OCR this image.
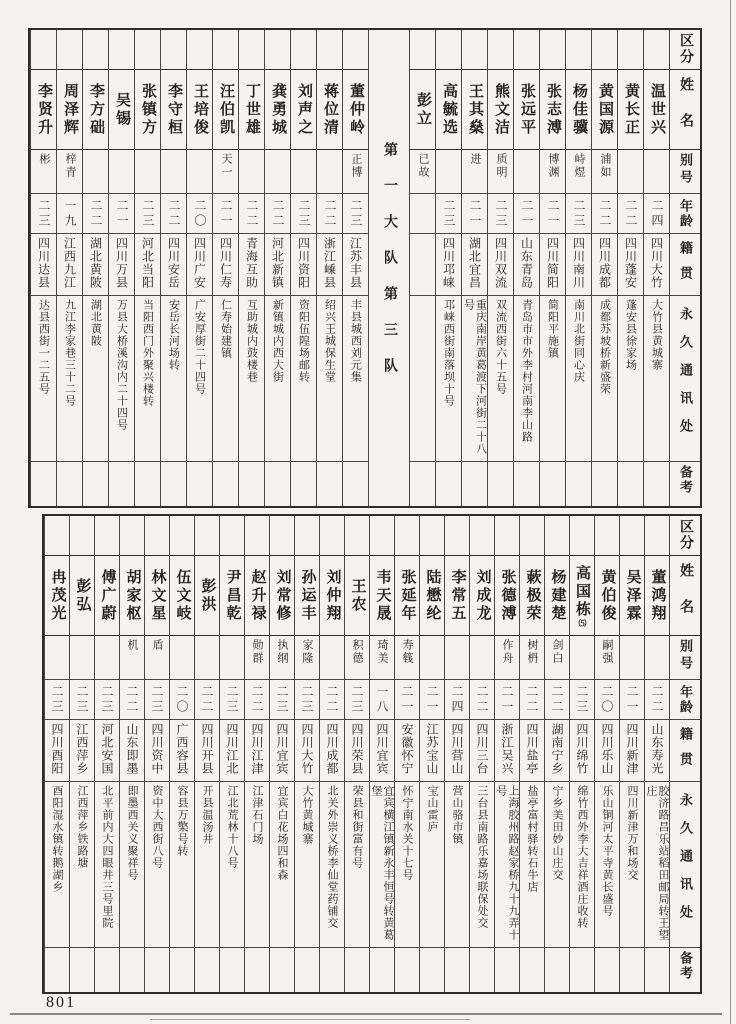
区分
姓名
别号
年龄
籍贯
永久通讯处
备考
温世兴
二四
四川大竹
大竹县黄城寨
黄长正
二二
四川蓬安
蓬安县徐家场
黄国源
浦如
二二
四川成都
成都苏坡桥新盛荣
杨佳骥
峙煜
二三
四川南川
南川北街同心庆
张志溥
博渊
二一
四川简阳
简阳平施镇
张远平
二一
山东青岛
青岛市市外李村河南李山路
熊文洁
质明
二三
四川双流
双流西街六十五号
王其燊
进
二一
湖北宜昌
重庆南岸黄葛渡下河街二十八号
高毓选
二三
四川邛崃
邛崃西街南落坝十号
彭立
已故
第一大队第三队
董仲岭
正博
二三
江苏丰县
丰县城西刘元集
蒋位清
二二
浙江嵊县
绍兴王城保生堂
刘声之
二三
四川资阳
资阳伍隍场邮转
龚勇城
二二
河北新镇
新镇城内西大街
丁世雄
二二
青海互助
互助城内鼓楼巷
汪伯凯
天一
二一
四川仁寿
仁寿始建镇
王培俊
二〇
四川广安
广安厚街二十四号
李守桓
二二
四川安岳
安岳长河场转
张镇方
二三
河北当阳
当阳西门外聚兴楼转
吴锡
二一
四川万县
万县大桥溪沟内二十四号
李方础
二二
湖北黄陂
湖北黄陂
周泽辉
梓青
一九
江西九江
九江李家巷三十二号
李贤升
彬
二三
四川达县
达县西街一二五号
区分
姓名
别号
年龄
籍贯
永久通讯处
备考
董鸿翔
二二
山东寿光
胶济路昌乐站稻田邮局转王望庄
吴泽霖
二一
四川新津
四川新津万和场交
黄伯俊
嗣强
二〇
四川乐山
乐山铜河太平寺黄长盛号
高国栋⑸
二三
四川绵竹
绵竹西外李大吉祥酒庄收转
杨建楚
剑白
二二
湖南宁乡
宁乡美田妙山庄交
蔌极荣
树枬
二二
四川盐亭
盐亭富村驿转石牛店
张德溥
作舟
二一
浙江吴兴
上海胶州路赵家桥九十九弄十号
刘成龙
二二
四川三台
三台县南路乐嘉场联保处交
李常五
二四
四川营山
营山骆市镇
陆懋纶
二一
江苏宝山
宝山雷庐
张延年
寿篯
二一
安徽怀宁
怀宁南水关十七号
韦天晟
琦美
一八
四川宜宾
宜宾横江镇新永丰恒号转黄葛堡
王农
积德
二三
四川荣县
荣县和街富有号
刘仲翔
二二
四川成都
北关外崇义桥李仙堂药铺交
孙运丰
家隆
二三
四川大竹
大竹黄城寨
刘常修
执纲
二三
四川宜宾
宜宾白花场四和森
赵升禄
勋群
二二
四川江津
江津石门场
尹昌乾
二三
四川江北
江北荒林十八号
彭洪
二二
四川开县
开县温汤井
伍文岐
二〇
广西容县
容县万檠号转
林文星
盾
二三
四川资中
资中大西街八号
胡家枢
机
二二
山东即墨
即墨西关义聚祥号
傅广蔚
二三
河北安国
北平前内大四眼井三号里院
彭弘
二三
江西萍乡
江西萍乡铁路塘
冉茂光
二三
四川酉阳
酉阳湿水镇转鹅湖乡
801
